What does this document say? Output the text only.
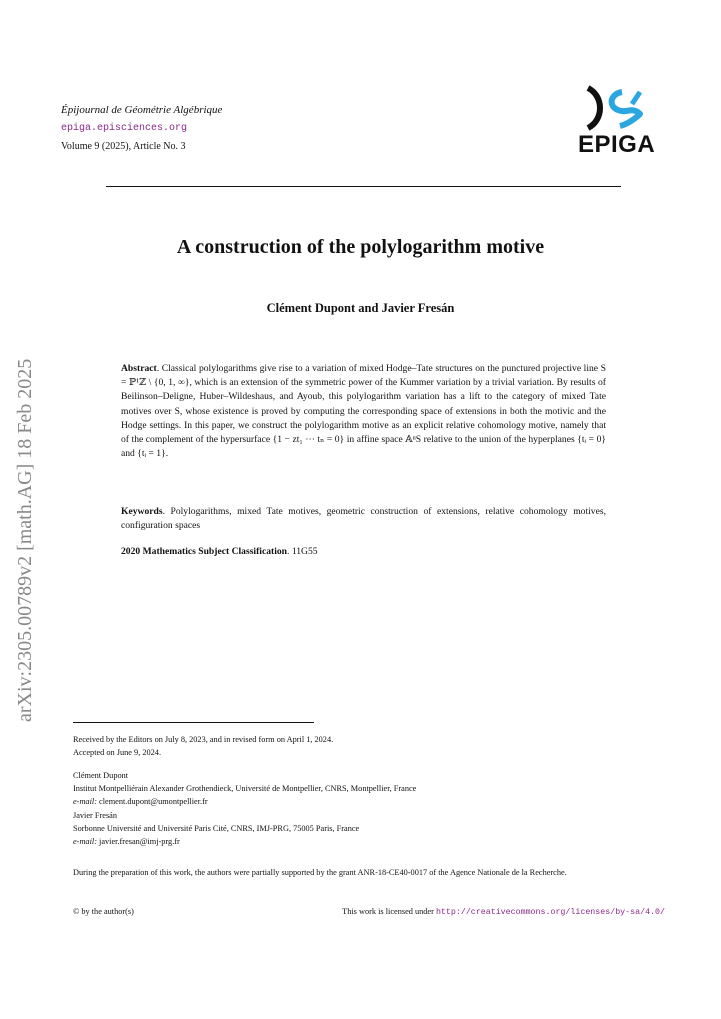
Épijournal de Géométrie Algébrique
epiga.episciences.org
Volume 9 (2025), Article No. 3	EPIGA
arXiv:2305.00789v2 [math.AG] 18 Feb 2025
A construction of the polylogarithm motive
Clément Dupont and Javier Fresán
Abstract. Classical polylogarithms give rise to a variation of mixed Hodge–Tate structures on the punctured projective line S = ℙ¹ℤ \ {0, 1, ∞}, which is an extension of the symmetric power of the Kummer variation by a trivial variation. By results of Beilinson–Deligne, Huber–Wildeshaus, and Ayoub, this polylogarithm variation has a lift to the category of mixed Tate motives over S, whose existence is proved by computing the corresponding space of extensions in both the motivic and the Hodge settings. In this paper, we construct the polylogarithm motive as an explicit relative cohomology motive, namely that of the complement of the hypersurface {1 − zt₁ ⋯ tₙ = 0} in affine space 𝔸ⁿS relative to the union of the hyperplanes {tᵢ = 0} and {tᵢ = 1}.
Keywords. Polylogarithms, mixed Tate motives, geometric construction of extensions, relative cohomology motives, configuration spaces
2020 Mathematics Subject Classification. 11G55
Received by the Editors on July 8, 2023, and in revised form on April 1, 2024.
Accepted on June 9, 2024.
Clément Dupont
Institut Montpelliérain Alexander Grothendieck, Université de Montpellier, CNRS, Montpellier, France
e-mail: clement.dupont@umontpellier.fr
Javier Fresán
Sorbonne Université and Université Paris Cité, CNRS, IMJ-PRG, 75005 Paris, France
e-mail: javier.fresan@imj-prg.fr
During the preparation of this work, the authors were partially supported by the grant ANR-18-CE40-0017 of the Agence Nationale de la Recherche.
© by the author(s)	This work is licensed under http://creativecommons.org/licenses/by-sa/4.0/
